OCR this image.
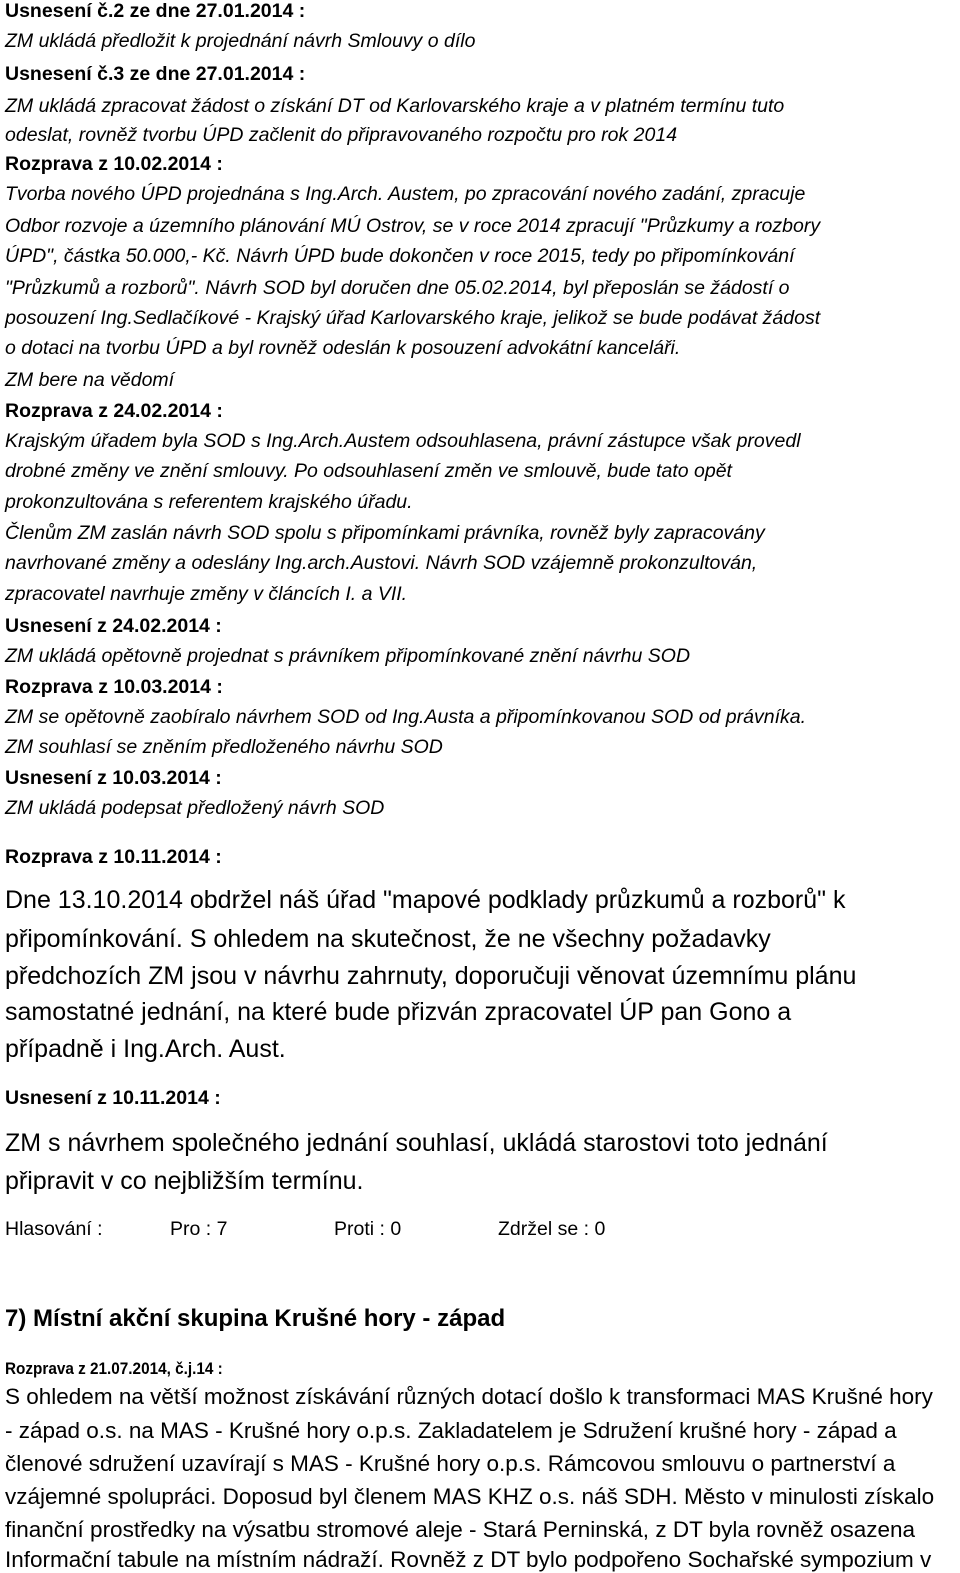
Usnesení č.2 ze dne 27.01.2014 :

ZM ukládá předložit k projednání návrh Smlouvy o dílo

Usnesení č.3 ze dne 27.01.2014 :

ZM ukládá zpracovat žádost o získání DT od Karlovarského kraje a v platném termínu tuto

odeslat, rovněž tvorbu ÚPD začlenit do připravovaného rozpočtu pro rok 2014

Rozprava z 10.02.2014 :

Tvorba nového ÚPD projednána s Ing.Arch. Austem, po zpracování nového zadání, zpracuje

Odbor rozvoje a územního plánování MÚ Ostrov, se v roce 2014 zpracují "Průzkumy a rozbory

ÚPD", částka 50.000,- Kč. Návrh ÚPD bude dokončen v roce 2015, tedy po připomínkování

"Průzkumů a rozborů". Návrh SOD byl doručen dne 05.02.2014, byl přeposlán se žádostí o

posouzení Ing.Sedlačíkové - Krajský úřad Karlovarského kraje, jelikož se bude podávat žádost

o dotaci na tvorbu ÚPD a byl rovněž odeslán k posouzení advokátní kanceláři.

ZM bere na vědomí

Rozprava z 24.02.2014 :

Krajským úřadem byla SOD s Ing.Arch.Austem odsouhlasena, právní zástupce však provedl

drobné změny ve znění smlouvy. Po odsouhlasení změn ve smlouvě, bude tato opět

prokonzultována s referentem krajského úřadu.

Členům ZM zaslán návrh SOD spolu s připomínkami právníka, rovněž byly zapracovány

navrhované změny a odeslány Ing.arch.Austovi. Návrh SOD vzájemně prokonzultován,

zpracovatel navrhuje změny v článcích I. a VII.

Usnesení z 24.02.2014 :

ZM ukládá opětovně projednat s právníkem připomínkované znění návrhu SOD

Rozprava z 10.03.2014 :

ZM se opětovně zaobíralo návrhem SOD od Ing.Austa a připomínkovanou SOD od právníka.

ZM souhlasí se zněním předloženého návrhu SOD

Usnesení z 10.03.2014 :

ZM ukládá podepsat předložený návrh SOD

Rozprava z 10.11.2014 :

Dne 13.10.2014 obdržel náš úřad "mapové podklady průzkumů a rozborů" k

připomínkování. S ohledem na skutečnost, že ne všechny požadavky

předchozích ZM jsou v návrhu zahrnuty, doporučuji věnovat územnímu plánu

samostatné jednání, na které bude přizván zpracovatel ÚP pan Gono a

případně i Ing.Arch. Aust.

Usnesení z 10.11.2014 :

ZM s návrhem společného jednání souhlasí, ukládá starostovi toto jednání

připravit v co nejbližším termínu.

Hlasování :	Pro : 7	Proti : 0	Zdržel se : 0

7) Místní akční skupina Krušné hory - západ

Rozprava z 21.07.2014, č.j.14 :

S ohledem na větší možnost získávání různých dotací došlo k transformaci MAS Krušné hory

- západ o.s. na MAS - Krušné hory o.p.s. Zakladatelem je Sdružení krušné hory - západ a

členové sdružení uzavírají s MAS - Krušné hory o.p.s. Rámcovou smlouvu o partnerství a

vzájemné spolupráci. Doposud byl členem MAS KHZ o.s. náš SDH. Město v minulosti získalo

finanční prostředky na výsatbu stromové aleje - Stará Perninská, z DT byla rovněž osazena

Informační tabule na místním nádraží. Rovněž z DT bylo podpořeno Sochařské sympozium v
